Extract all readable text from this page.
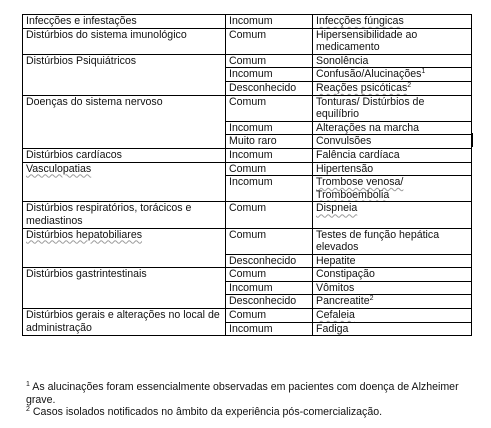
Infecções e infestações	Incomum	Infecções fúngicas
Distúrbios do sistema imunológico	Comum	Hipersensibilidade ao medicamento
Distúrbios Psiquiátricos	Comum	Sonolência
	Incomum	Confusão/Alucinações$^1$
	Desconhecido	Reações psicóticas$^2$
Doenças do sistema nervoso	Comum	Tonturas/ Distúrbios de equilíbrio
	Incomum	Alterações na marcha
	Muito raro	Convulsões
Distúrbios cardíacos	Incomum	Falência cardíaca
Vasculopatias	Comum	Hipertensão
	Incomum	Trombose venosa/ Tromboembolia
Distúrbios respiratórios, torácicos e mediastinos	Comum	Dispneia
Distúrbios hepatobiliares	Comum	Testes de função hepática elevados
	Desconhecido	Hepatite
Distúrbios gastrintestinais	Comum	Constipação
	Incomum	Vômitos
	Desconhecido	Pancreatite$^2$
Distúrbios gerais e alterações no local de administração	Comum	Cefaleia
	Incomum	Fadiga

$^1$ As alucinações foram essencialmente observadas em pacientes com doença de Alzheimer grave.

$^2$ Casos isolados notificados no âmbito da experiência pós-comercialização.
